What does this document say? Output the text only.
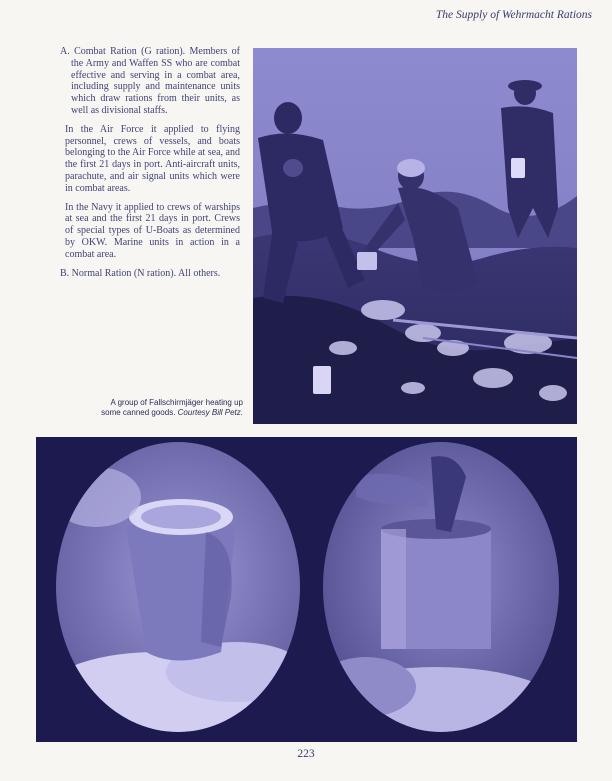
The Supply of Wehrmacht Rations

A. Combat Ration (G ration). Members of the Army and Waffen SS who are combat effective and serving in a combat area, including supply and maintenance units which draw rations from their units, as well as divisional staffs.

In the Air Force it applied to flying personnel, crews of vessels, and boats belonging to the Air Force while at sea, and the first 21 days in port. Anti-aircraft units, parachute, and air signal units which were in combat areas.

In the Navy it applied to crews of warships at sea and the first 21 days in port. Crews of special types of U-Boats as determined by OKW. Marine units in action in a combat area.

B. Normal Ration (N ration). All others.

A group of Fallschirmjäger heating up
some canned goods. Courtesy Bill Petz.
223
